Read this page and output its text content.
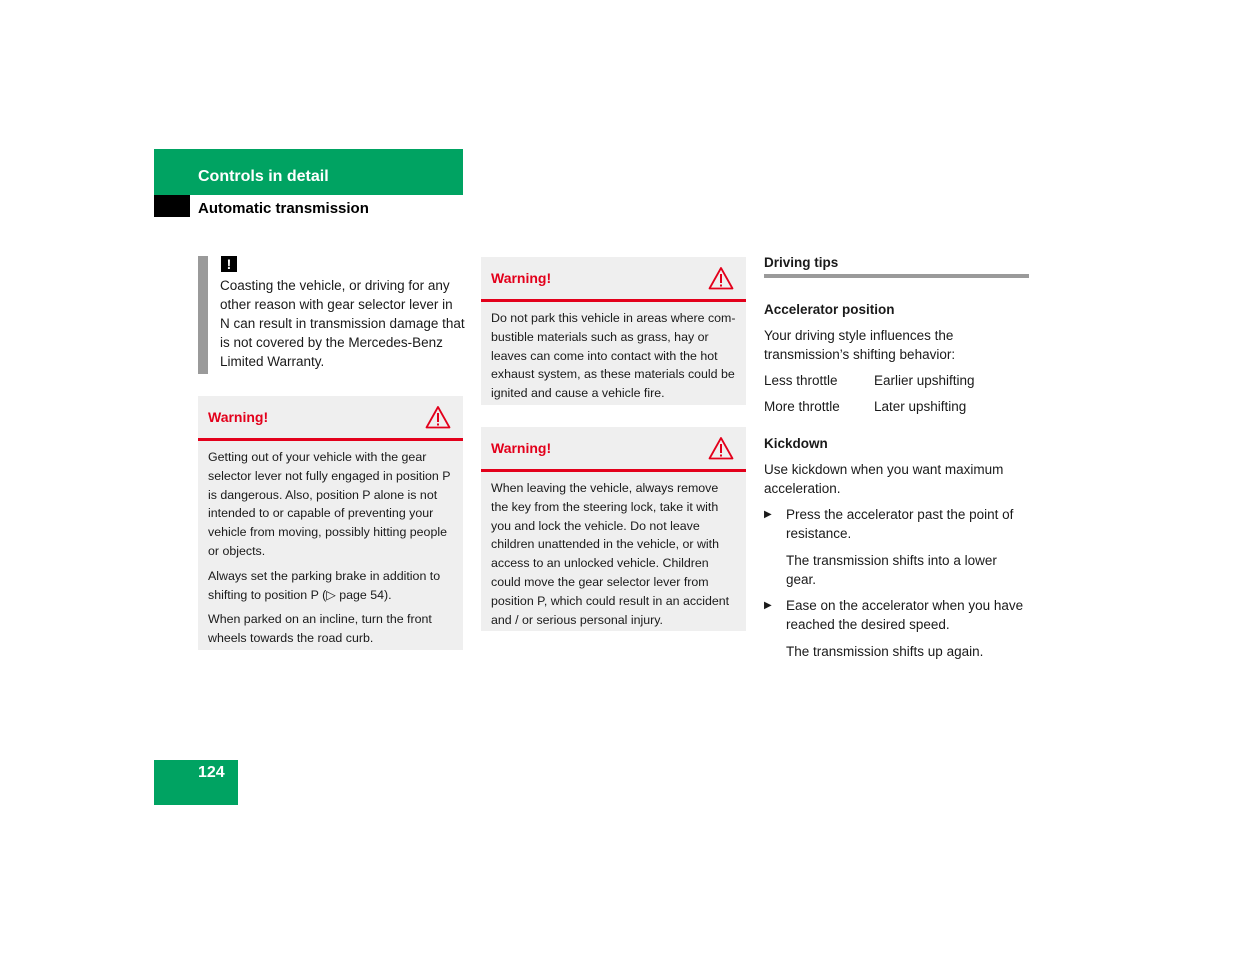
Controls in detail
Automatic transmission
!
Coasting the vehicle, or driving for any other reason with gear selector lever in N can result in transmission damage that is not covered by the Mercedes-Benz Limited Warranty.
Warning!

Getting out of your vehicle with the gear selector lever not fully engaged in position P is dangerous. Also, position P alone is not intended to or capable of preventing your vehicle from moving, possibly hitting people or objects.

Always set the parking brake in addition to shifting to position P (▷ page 54).

When parked on an incline, turn the front wheels towards the road curb.

Warning!

Do not park this vehicle in areas where com-bustible materials such as grass, hay or leaves can come into contact with the hot exhaust system, as these materials could be ignited and cause a vehicle fire.

Warning!

When leaving the vehicle, always remove the key from the steering lock, take it with you and lock the vehicle. Do not leave children unattended in the vehicle, or with access to an unlocked vehicle. Children could move the gear selector lever from position P, which could result in an accident and / or serious personal injury.

Driving tips
Accelerator position
Your driving style influences the transmission’s shifting behavior:
Less throttle	Earlier upshifting
More throttle	Later upshifting
Kickdown
Use kickdown when you want maximum acceleration.
▶	Press the accelerator past the point of resistance.
The transmission shifts into a lower gear.
▶	Ease on the accelerator when you have reached the desired speed.
The transmission shifts up again.
124
